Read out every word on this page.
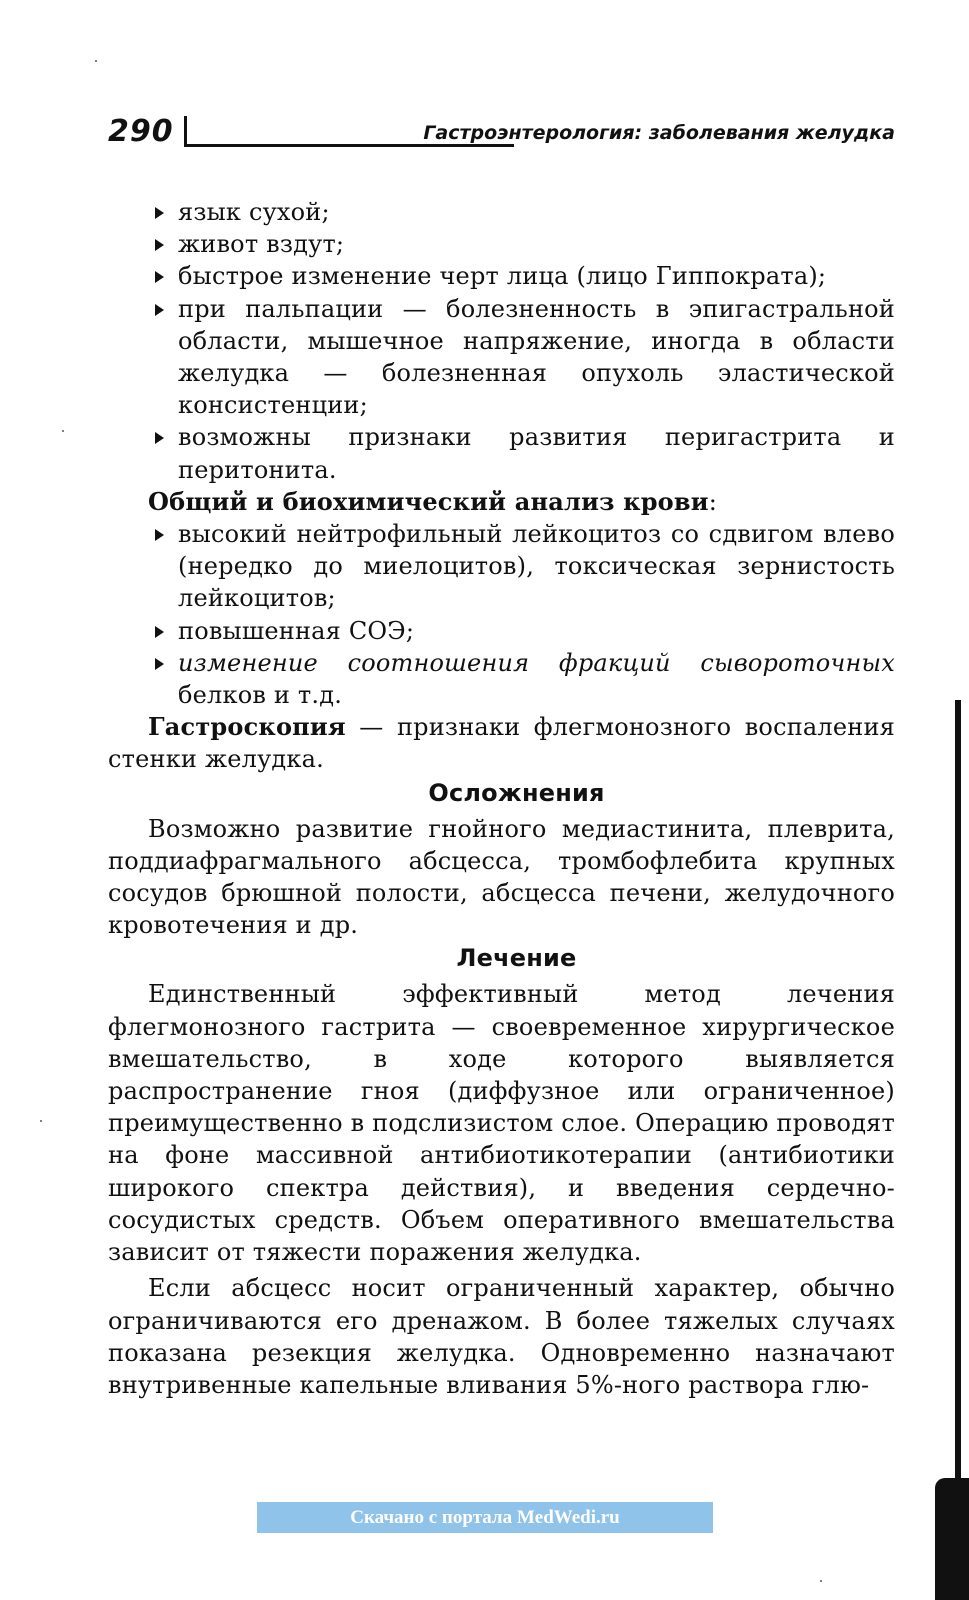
290	Гастроэнтерология: заболевания желудка
язык сухой;
живот вздут;
быстрое изменение черт лица (лицо Гиппократа);
при пальпации — болезненность в эпигастральной области, мышечное напряжение, иногда в области желудка — болезненная опухоль эластической консистенции;
возможны признаки развития перигастрита и перитонита.

Общий и биохимический анализ крови:

высокий нейтрофильный лейкоцитоз со сдвигом влево (нередко до миелоцитов), токсическая зернистость лейкоцитов;
повышенная СОЭ;
изменение соотношения фракций сывороточных белков и т.д.

Гастроскопия — признаки флегмонозного воспаления стенки желудка.

Осложнения

Возможно развитие гнойного медиастинита, плеврита, поддиафрагмального абсцесса, тромбофлебита крупных сосудов брюшной полости, абсцесса печени, желудочного кровотечения и др.

Лечение

Единственный эффективный метод лечения флегмонозного гастрита — своевременное хирургическое вмешательство, в ходе которого выявляется распространение гноя (диффузное или ограниченное) преимущественно в подслизистом слое. Операцию проводят на фоне массивной антибиотикотерапии (антибиотики широкого спектра действия), и введения сердечно-сосудистых средств. Объем оперативного вмешательства зависит от тяжести поражения желудка.

Если абсцесс носит ограниченный характер, обычно ограничиваются его дренажом. В более тяжелых случаях показана резекция желудка. Одновременно назначают внутривенные капельные вливания 5%-ного раствора глю-

Скачано с портала MedWedi.ru
